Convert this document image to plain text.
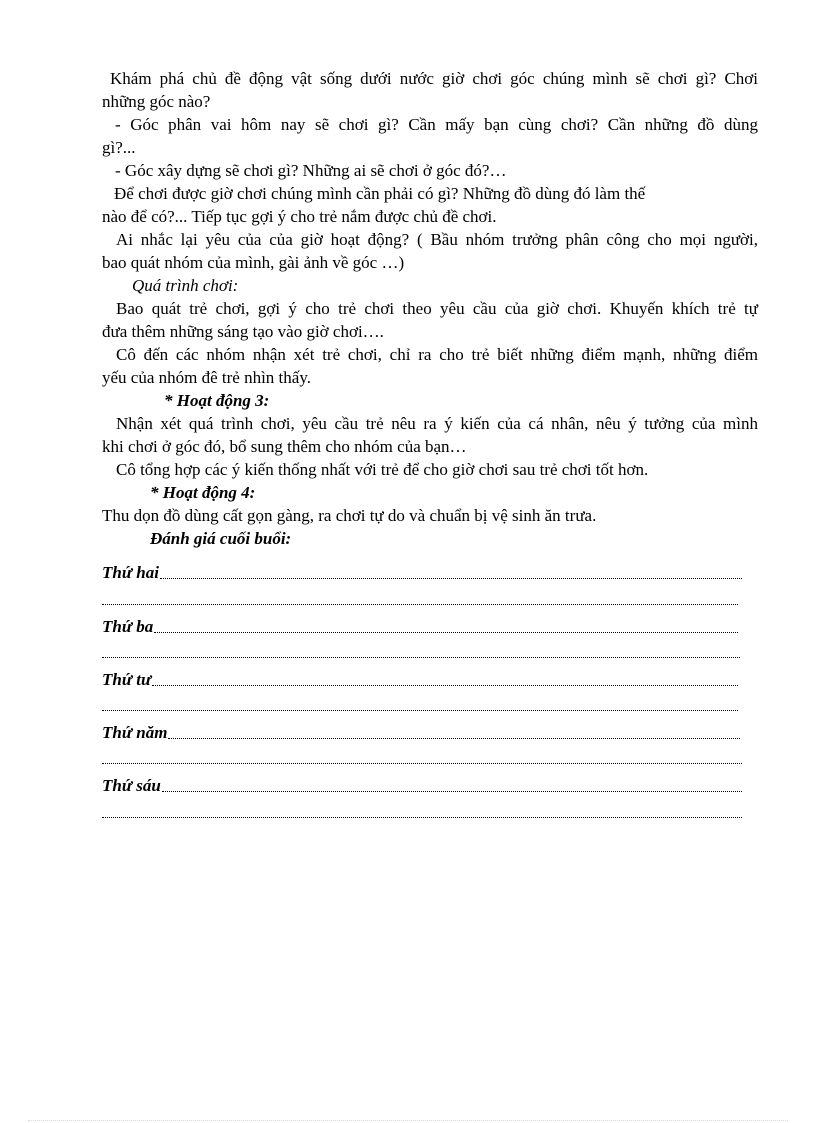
Khám phá chủ đề động vật sống dưới nước giờ chơi góc chúng mình sẽ chơi gì? Chơi
những góc nào?
- Góc phân vai hôm nay sẽ chơi gì? Cần mấy bạn cùng chơi? Cần những đồ dùng
gì?...
- Góc xây dựng sẽ chơi gì? Những ai sẽ chơi ở góc đó?…
Để chơi được giờ chơi chúng mình cần phải có gì? Những đồ dùng đó làm thế
nào để có?... Tiếp tục gợi ý cho trẻ nắm được chủ đề chơi.
Ai nhắc lại yêu của của giờ hoạt động? ( Bầu nhóm trưởng phân công cho mọi người,
bao quát nhóm của mình, gài ảnh về góc …)
Quá trình chơi:
Bao quát trẻ chơi, gợi ý cho trẻ chơi theo yêu cầu của giờ chơi. Khuyến khích trẻ tự
đưa thêm những sáng tạo vào giờ chơi….
Cô đến các nhóm nhận xét trẻ chơi, chỉ ra cho trẻ biết những điểm mạnh, những điểm
yếu của nhóm đê trẻ nhìn thấy.
* Hoạt động 3:
Nhận xét quá trình chơi, yêu cầu trẻ nêu ra ý kiến của cá nhân, nêu ý tưởng của mình
khi chơi ở góc đó, bổ sung thêm cho nhóm của bạn…
Cô tổng hợp các ý kiến thống nhất với trẻ để cho giờ chơi sau trẻ chơi tốt hơn.
* Hoạt động 4:
Thu dọn đồ dùng cất gọn gàng, ra chơi tự do và chuẩn bị vệ sinh ăn trưa.
Đánh giá cuối buổi:
Thứ hai
Thứ ba
Thứ tư
Thứ năm
Thứ sáu
